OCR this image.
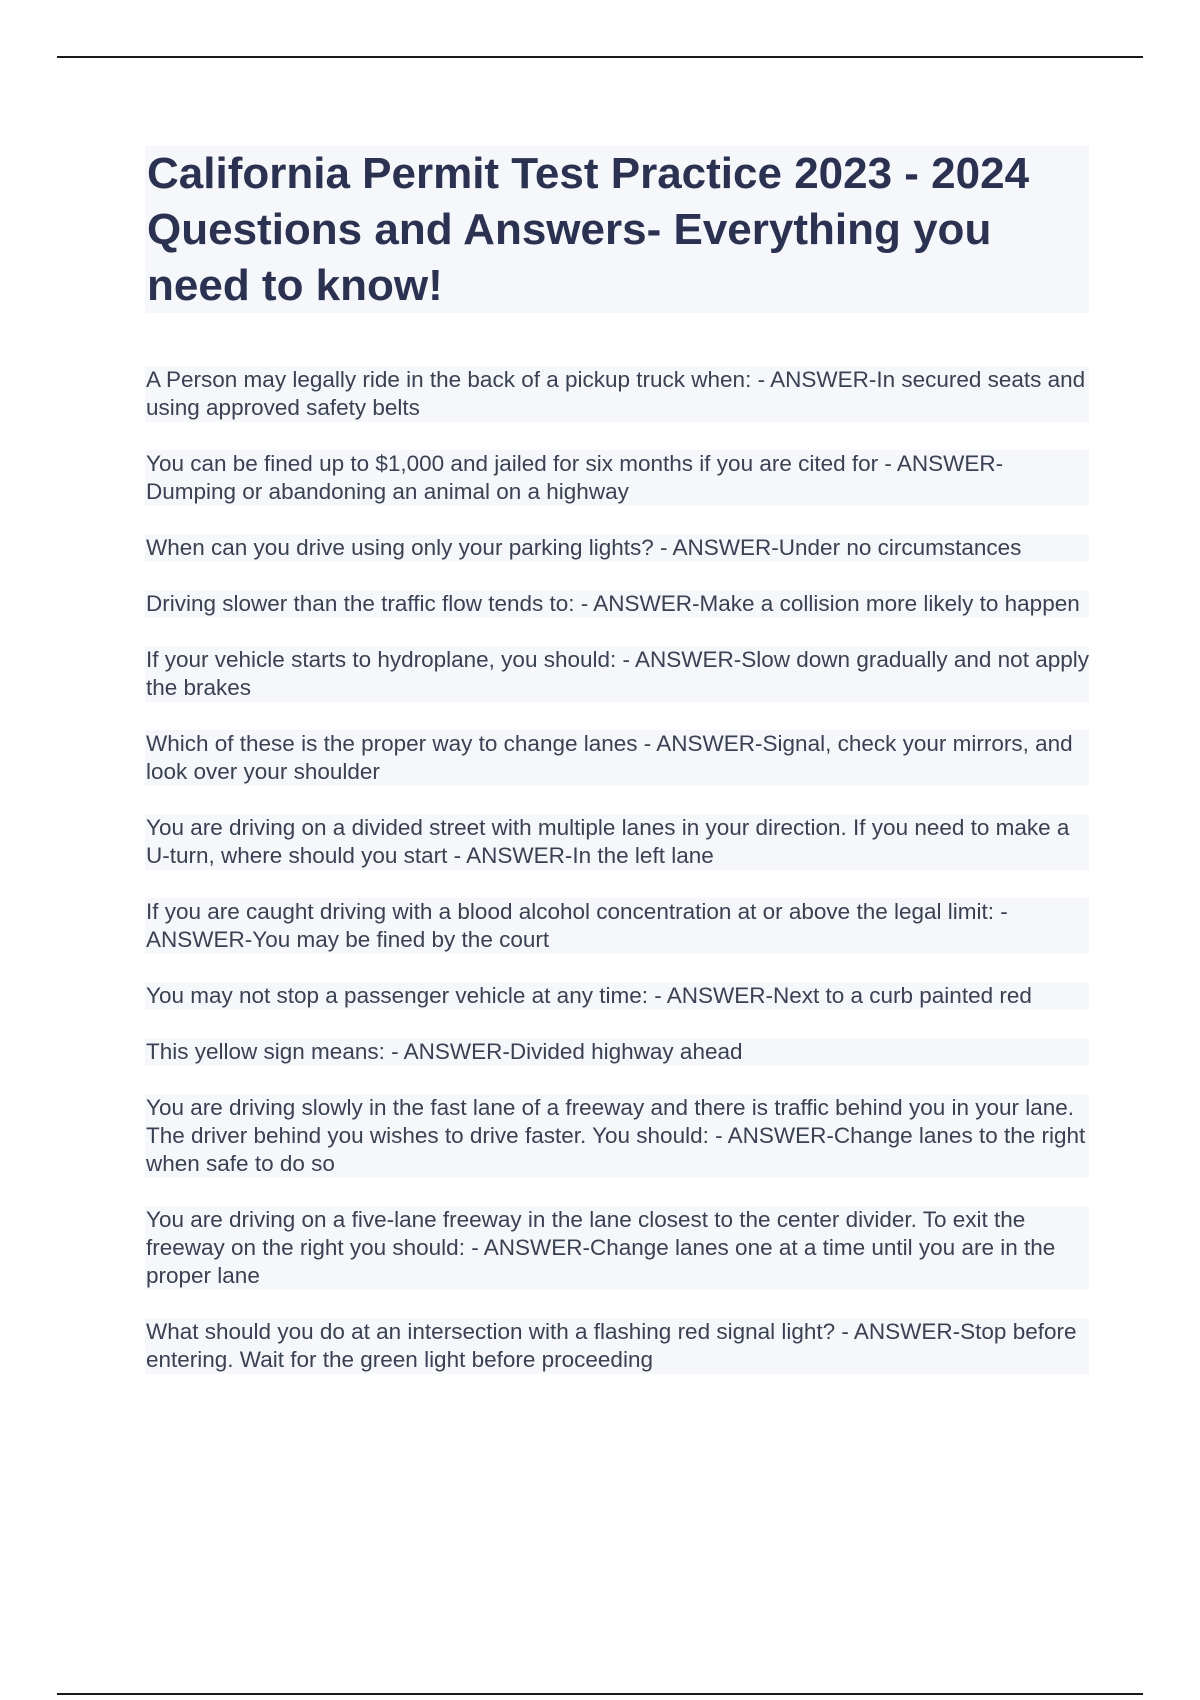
California Permit Test Practice 2023 - 2024 Questions and Answers- Everything you need to know!

A Person may legally ride in the back of a pickup truck when: - ANSWER-In secured seats and using approved safety belts

You can be fined up to $1,000 and jailed for six months if you are cited for - ANSWER-Dumping or abandoning an animal on a highway

When can you drive using only your parking lights? - ANSWER-Under no circumstances

Driving slower than the traffic flow tends to: - ANSWER-Make a collision more likely to happen

If your vehicle starts to hydroplane, you should: - ANSWER-Slow down gradually and not apply the brakes

Which of these is the proper way to change lanes - ANSWER-Signal, check your mirrors, and look over your shoulder

You are driving on a divided street with multiple lanes in your direction. If you need to make a U-turn, where should you start - ANSWER-In the left lane

If you are caught driving with a blood alcohol concentration at or above the legal limit: - ANSWER-You may be fined by the court

You may not stop a passenger vehicle at any time: - ANSWER-Next to a curb painted red

This yellow sign means: - ANSWER-Divided highway ahead

You are driving slowly in the fast lane of a freeway and there is traffic behind you in your lane. The driver behind you wishes to drive faster. You should: - ANSWER-Change lanes to the right when safe to do so

You are driving on a five-lane freeway in the lane closest to the center divider. To exit the freeway on the right you should: - ANSWER-Change lanes one at a time until you are in the proper lane

What should you do at an intersection with a flashing red signal light? - ANSWER-Stop before entering. Wait for the green light before proceeding
